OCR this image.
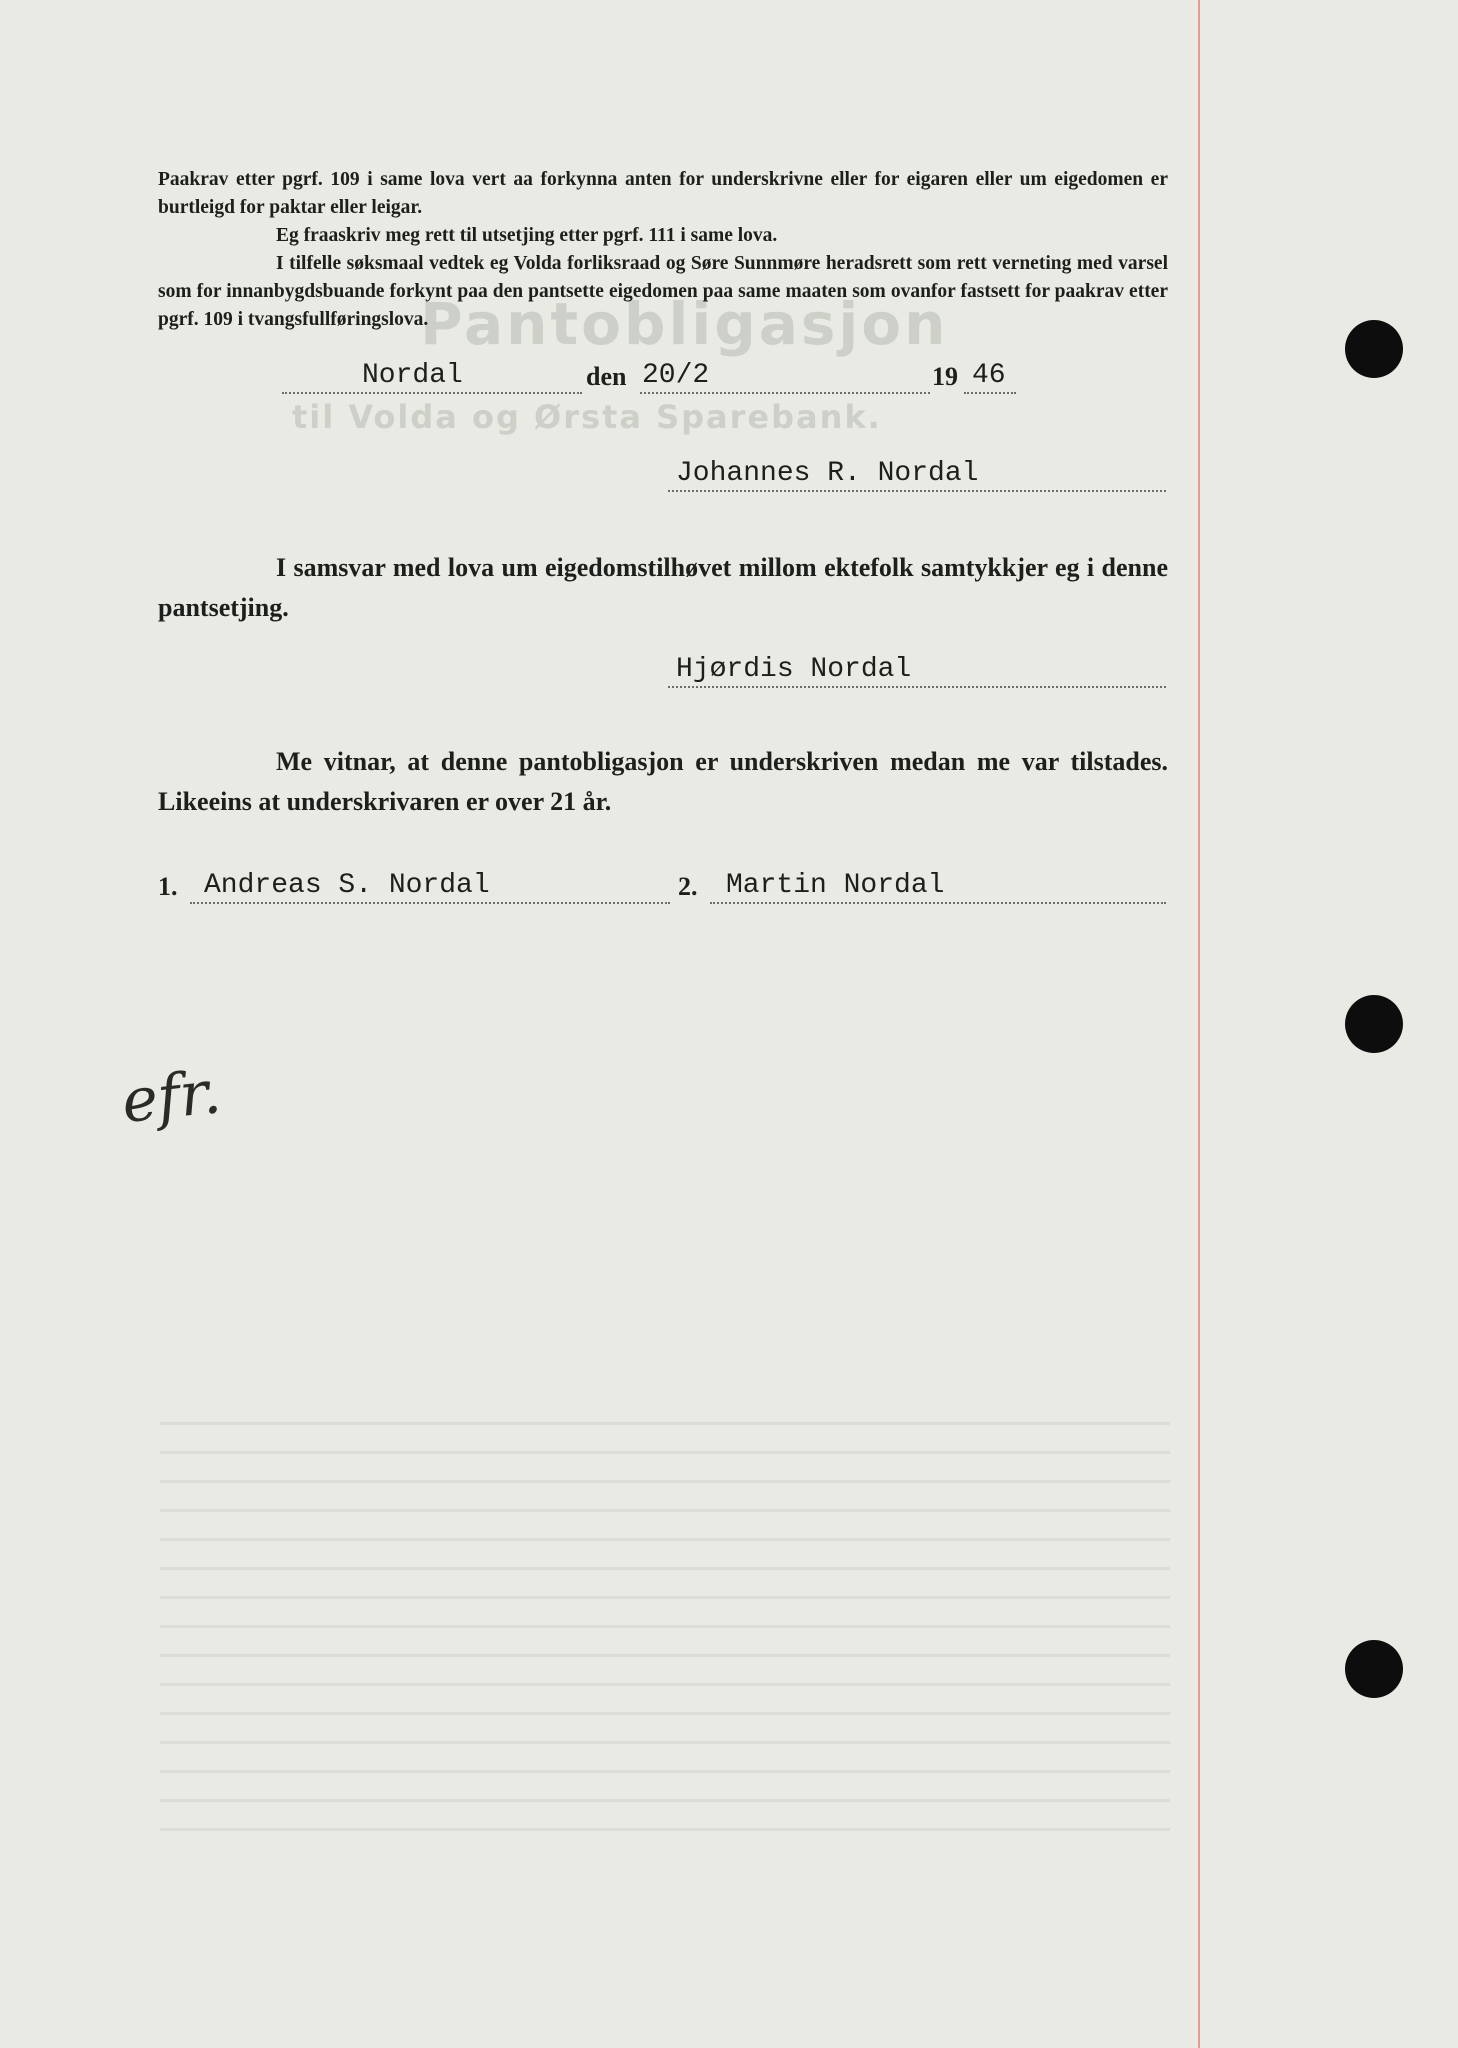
Pantobligasjon
til Volda og Ørsta Sparebank.

Paakrav etter pgrf. 109 i same lova vert aa forkynna anten for underskrivne eller for eigaren eller um eigedomen er burtleigd for paktar eller leigar.

Eg fraaskriv meg rett til utsetjing etter pgrf. 111 i same lova.

I tilfelle søksmaal vedtek eg Volda forliksraad og Søre Sunnmøre heradsrett som rett verneting med varsel som for innanbygdsbuande forkynt paa den pantsette eigedomen paa same maaten som ovanfor fastsett for paakrav etter pgrf. 109 i tvangsfullføringslova.

Nordal	den 20/2	19 46
Johannes R. Nordal
I samsvar med lova um eigedomstilhøvet millom ektefolk samtykkjer eg i denne pantsetjing.
Hjørdis Nordal
Me vitnar, at denne pantobligasjon er underskriven medan me var tilstades. Likeeins at underskrivaren er over 21 år.
1. Andreas S. Nordal	2. Martin Nordal
efr.
